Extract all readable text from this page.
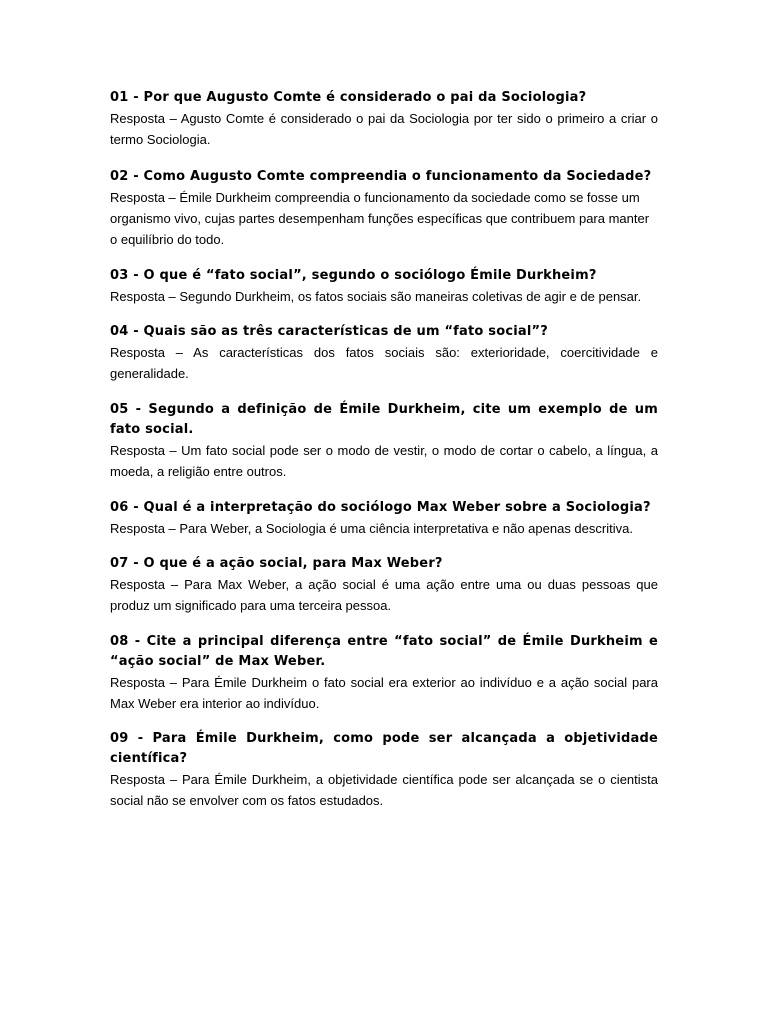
01 - Por que Augusto Comte é considerado o pai da Sociologia?

Resposta – Agusto Comte é considerado o pai da Sociologia por ter sido o primeiro a criar o termo Sociologia.

02 - Como Augusto Comte compreendia o funcionamento da Sociedade?

Resposta – Émile Durkheim compreendia o funcionamento da sociedade como se fosse um organismo vivo, cujas partes desempenham funções específicas que contribuem para manter o equilíbrio do todo.

03 - O que é “fato social”, segundo o sociólogo Émile Durkheim?

Resposta – Segundo Durkheim, os fatos sociais são maneiras coletivas de agir e de pensar.

04 - Quais são as três características de um “fato social”?

Resposta – As características dos fatos sociais são: exterioridade, coercitividade e generalidade.

05 - Segundo a definição de Émile Durkheim, cite um exemplo de um fato social.

Resposta – Um fato social pode ser o modo de vestir, o modo de cortar o cabelo, a língua, a moeda, a religião entre outros.

06 - Qual é a interpretação do sociólogo Max Weber sobre a Sociologia?

Resposta – Para Weber, a Sociologia é uma ciência interpretativa e não apenas descritiva.

07 - O que é a ação social, para Max Weber?

Resposta – Para Max Weber, a ação social é uma ação entre uma ou duas pessoas que produz um significado para uma terceira pessoa.

08 - Cite a principal diferença entre “fato social” de Émile Durkheim e “ação social” de Max Weber.

Resposta – Para Émile Durkheim o fato social era exterior ao indivíduo e a ação social para Max Weber era interior ao indivíduo.

09 - Para Émile Durkheim, como pode ser alcançada a objetividade científica?

Resposta – Para Émile Durkheim, a objetividade científica pode ser alcançada se o cientista social não se envolver com os fatos estudados.
